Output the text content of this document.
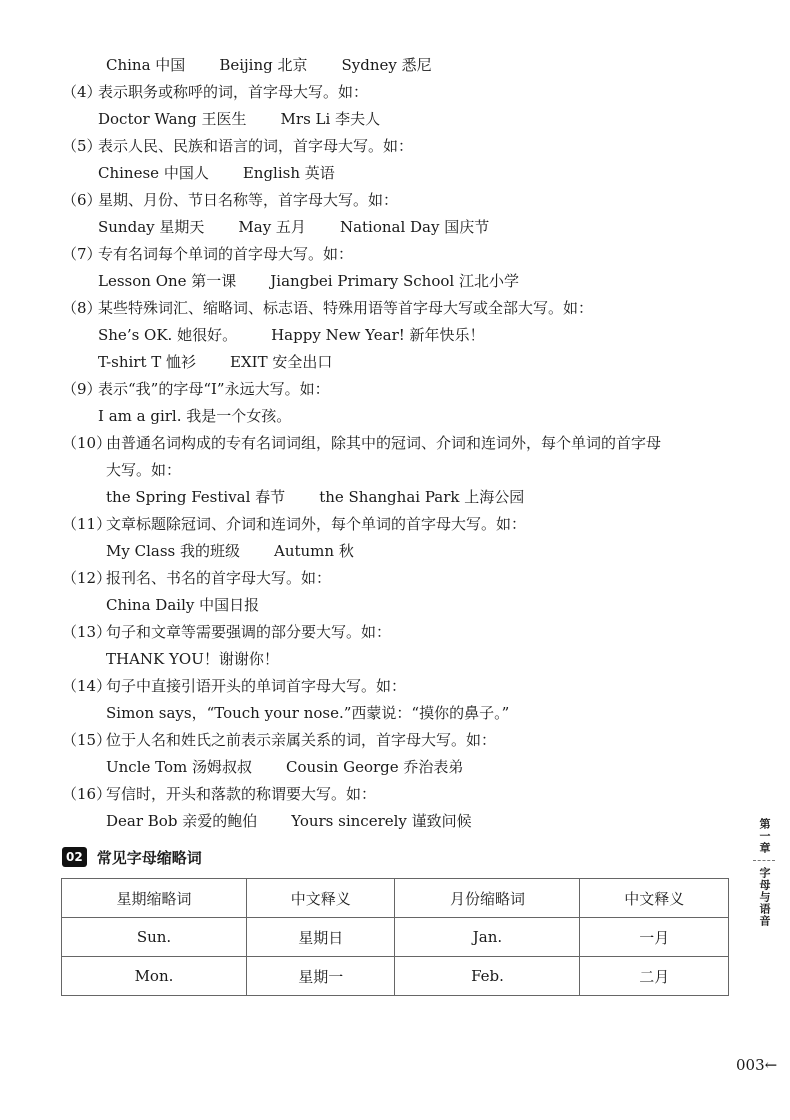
China 中国 Beijing 北京 Sydney 悉尼
（4）
表示职务或称呼的词，首字母大写。如：
Doctor Wang 王医生 Mrs Li 李夫人
（5）
表示人民、民族和语言的词，首字母大写。如：
Chinese 中国人 English 英语
（6）
星期、月份、节日名称等，首字母大写。如：
Sunday 星期天 May 五月 National Day 国庆节
（7）
专有名词每个单词的首字母大写。如：
Lesson One 第一课 Jiangbei Primary School 江北小学
（8）
某些特殊词汇、缩略词、标志语、特殊用语等首字母大写或全部大写。如：
She’s OK. 她很好。 Happy New Year! 新年快乐！
T-shirt T 恤衫 EXIT 安全出口
（9）
表示“我”的字母“I”永远大写。如：
I am a girl. 我是一个女孩。
（10）
由普通名词构成的专有名词词组，除其中的冠词、介词和连词外，每个单词的首字母
大写。如：
the Spring Festival 春节 the Shanghai Park 上海公园
（11）
文章标题除冠词、介词和连词外，每个单词的首字母大写。如：
My Class 我的班级 Autumn 秋
（12）
报刊名、书名的首字母大写。如：
China Daily 中国日报
（13）
句子和文章等需要强调的部分要大写。如：
THANK YOU！谢谢你！
（14）
句子中直接引语开头的单词首字母大写。如：
Simon says，“Touch your nose.”西蒙说：“摸你的鼻子。”
（15）
位于人名和姓氏之前表示亲属关系的词，首字母大写。如：
Uncle Tom 汤姆叔叔 Cousin George 乔治表弟
（16）
写信时，开头和落款的称谓要大写。如：
Dear Bob 亲爱的鲍伯 Yours sincerely 谨致问候
02 常见字母缩略词
星期缩略词	中文释义	月份缩略词	中文释义
Sun.	星期日	Jan.	一月
Mon.	星期一	Feb.	二月
第一章
字母与语音
003←
